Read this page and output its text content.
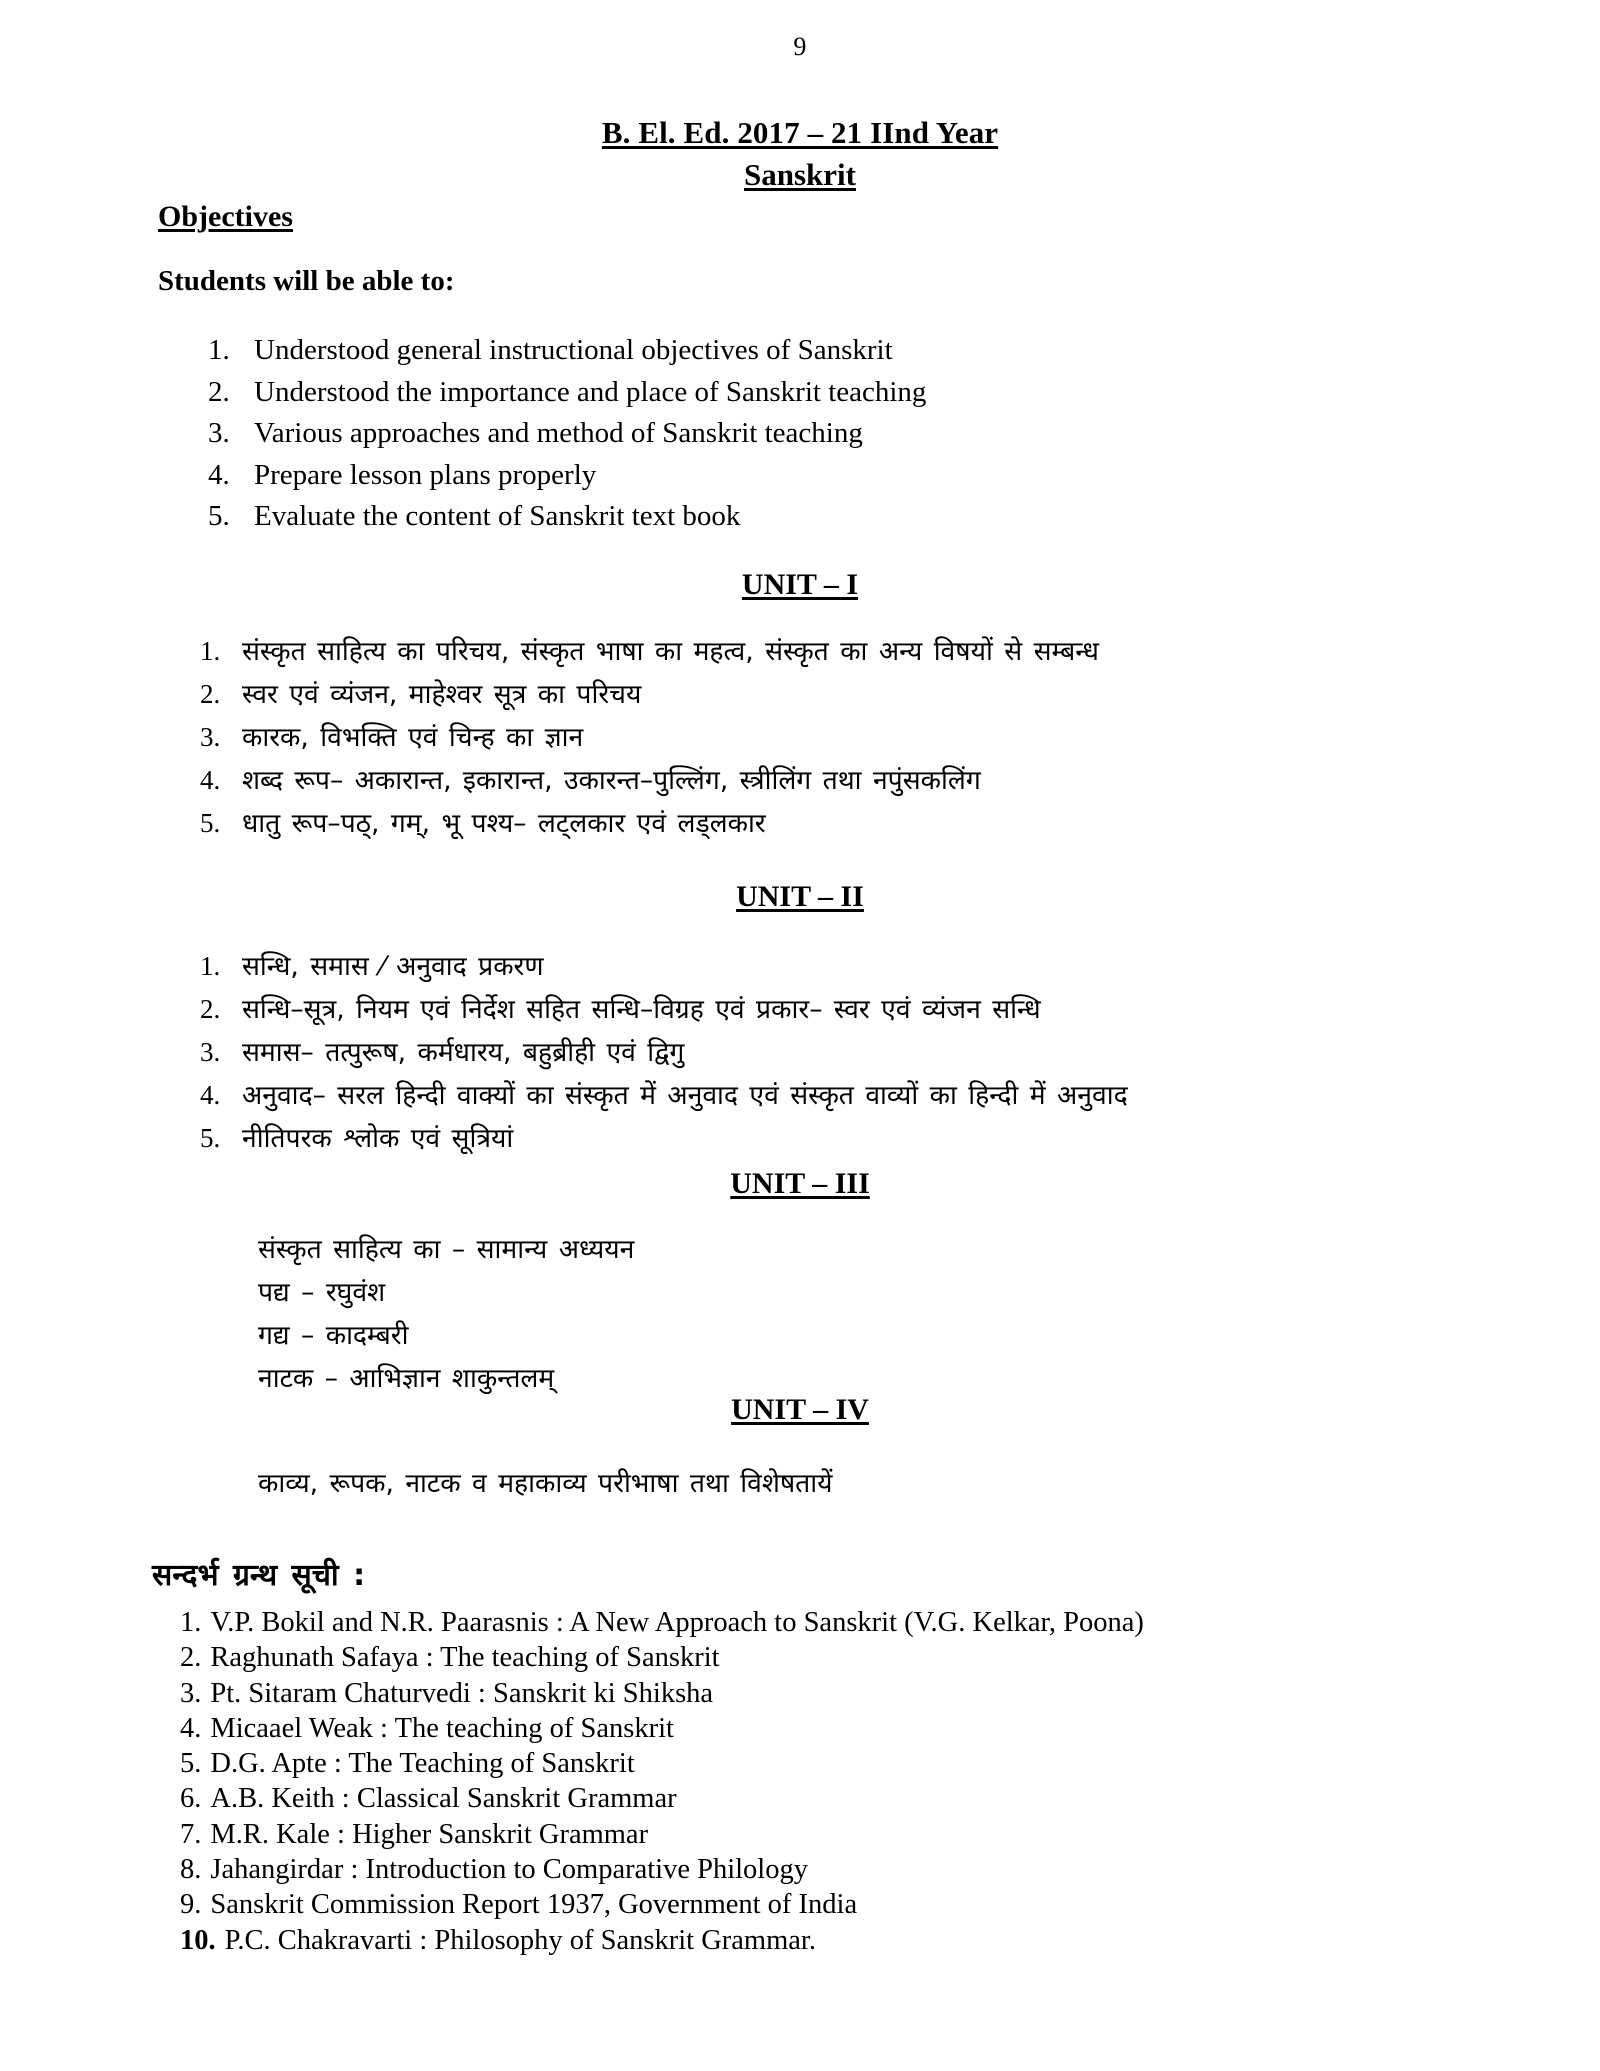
9
B. El. Ed. 2017 – 21 IInd Year
Sanskrit
Objectives
Students will be able to:
1. Understood general instructional objectives of Sanskrit
2. Understood the importance and place of Sanskrit teaching
3. Various approaches and method of Sanskrit teaching
4. Prepare lesson plans properly
5. Evaluate the content of Sanskrit text book
UNIT – I
1. संस्कृत साहित्य का परिचय, संस्कृत भाषा का महत्व, संस्कृत का अन्य विषयों से सम्बन्ध
2. स्वर एवं व्यंजन, माहेश्वर सूत्र का परिचय
3. कारक, विभक्ति एवं चिन्ह का ज्ञान
4. शब्द रूप– अकारान्त, इकारान्त, उकारन्त–पुल्लिंग, स्त्रीलिंग तथा नपुंसकलिंग
5. धातु रूप–पठ्, गम्, भू पश्य– लट्लकार एवं लड्लकार
UNIT – II
1. सन्धि, समास ⁄ अनुवाद प्रकरण
2. सन्धि–सूत्र, नियम एवं निर्देश सहित सन्धि–विग्रह एवं प्रकार– स्वर एवं व्यंजन सन्धि
3. समास– तत्पुरूष, कर्मधारय, बहुब्रीही एवं द्विगु
4. अनुवाद– सरल हिन्दी वाक्यों का संस्कृत में अनुवाद एवं संस्कृत वाव्यों का हिन्दी में अनुवाद
5. नीतिपरक श्लोक एवं सूत्रियां
UNIT – III
संस्कृत साहित्य का – सामान्य अध्ययन
पद्य – रघुवंश
गद्य – कादम्बरी
नाटक – आभिज्ञान शाकुन्तलम्
UNIT – IV
काव्य, रूपक, नाटक व महाकाव्य परीभाषा तथा विशेषतायें
सन्दर्भ ग्रन्थ सूची :
1. V.P. Bokil and N.R. Paarasnis : A New Approach to Sanskrit (V.G. Kelkar, Poona)
2. Raghunath Safaya : The teaching of Sanskrit
3. Pt. Sitaram Chaturvedi : Sanskrit ki Shiksha
4. Micaael Weak : The teaching of Sanskrit
5. D.G. Apte : The Teaching of Sanskrit
6. A.B. Keith : Classical Sanskrit Grammar
7. M.R. Kale : Higher Sanskrit Grammar
8. Jahangirdar : Introduction to Comparative Philology
9. Sanskrit Commission Report 1937, Government of India
10. P.C. Chakravarti : Philosophy of Sanskrit Grammar.
